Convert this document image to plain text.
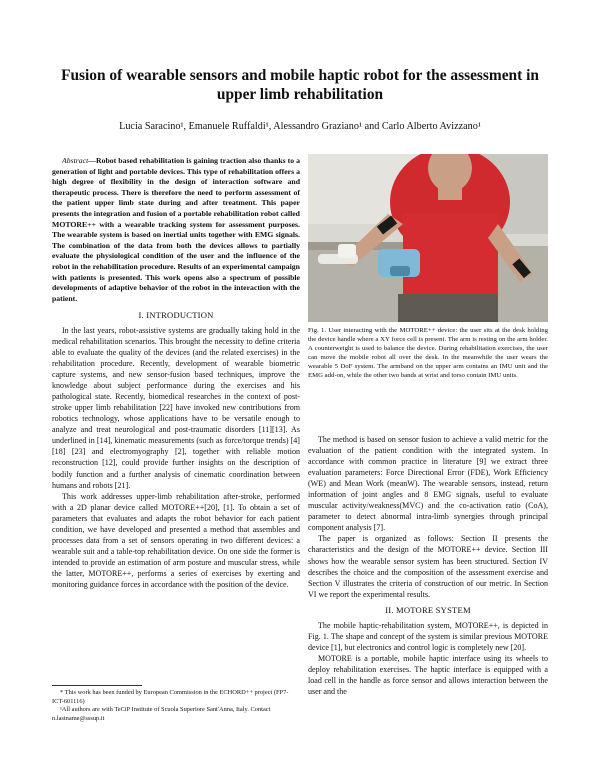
Fusion of wearable sensors and mobile haptic robot for the assessment in upper limb rehabilitation
Lucia Saracino¹, Emanuele Ruffaldi¹, Alessandro Graziano¹ and Carlo Alberto Avizzano¹

Abstract—Robot based rehabilitation is gaining traction also thanks to a generation of light and portable devices. This type of rehabilitation offers a high degree of flexibility in the design of interaction software and therapeutic process. There is therefore the need to perform assessment of the patient upper limb state during and after treatment. This paper presents the integration and fusion of a portable rehabilitation robot called MOTORE++ with a wearable tracking system for assessment purposes. The wearable system is based on inertial units together with EMG signals. The combination of the data from both the devices allows to partially evaluate the physiological condition of the user and the influence of the robot in the rehabilitation procedure. Results of an experimental campaign with patients is presented. This work opens also a spectrum of possible developments of adaptive behavior of the robot in the interaction with the patient.

I. INTRODUCTION

In the last years, robot-assistive systems are gradually taking hold in the medical rehabilitation scenarios. This brought the necessity to define criteria able to evaluate the quality of the devices (and the related exercises) in the rehabilitation procedure. Recently, development of wearable biometric capture systems, and new sensor-fusion based techniques, improve the knowledge about subject performance during the exercises and his pathological state. Recently, biomedical researches in the context of post-stroke upper limb rehabilitation [22] have invoked new contributions from robotics technology, whose applications have to be versatile enough to analyze and treat neurological and post-traumatic disorders [11][13]. As underlined in [14], kinematic measurements (such as force/torque trends) [4] [18] [23] and electromyography [2], together with reliable motion reconstruction [12], could provide further insights on the description of bodily function and a further analysis of cinematic coordination between humans and robots [21].

This work addresses upper-limb rehabilitation after-stroke, performed with a 2D planar device called MOTORE++[20], [1]. To obtain a set of parameters that evaluates and adapts the robot behavior for each patient condition, we have developed and presented a method that assembles and processes data from a set of sensors operating in two different devices: a wearable suit and a table-top rehabilitation device. On one side the former is intended to provide an estimation of arm posture and muscular stress, while the latter, MOTORE++, performs a series of exercises by exerting and monitoring guidance forces in accordance with the position of the device.

* This work has been funded by European Commission in the ECHORD++ project (FP7-ICT-601116)
¹All authors are with TeCiP Institute of Scuola Superiore Sant'Anna, Italy. Contact n.lastname@sssup.it
Fig. 1. User interacting with the MOTORE++ device: the user sits at the desk holding the device handle where a XY force cell is present. The arm is resting on the arm holder. A counterweight is used to balance the device. During rehabilitation exercises, the user can move the mobile robot all over the desk. In the meanwhile the user wears the wearable 5 DoF system. The armband on the upper arm contains an IMU unit and the EMG add-on, while the other two bands at wrist and torso contain IMU units.

The method is based on sensor fusion to achieve a valid metric for the evaluation of the patient condition with the integrated system. In accordance with common practice in literature [9] we extract three evaluation parameters: Force Directional Error (FDE), Work Efficiency (WE) and Mean Work (meanW). The wearable sensors, instead, return information of joint angles and 8 EMG signals, useful to evaluate muscular activity/weakness(MVC) and the co-activation ratio (CoA), parameter to detect abnormal intra-limb synergies through principal component analysis [7].

The paper is organized as follows: Section II presents the characteristics and the design of the MOTORE++ device. Section III shows how the wearable sensor system has been structured. Section IV describes the choice and the composition of the assessment exercise and Section V illustrates the criteria of construction of our metric. In Section VI we report the experimental results.

II. MOTORE SYSTEM

The mobile haptic-rehabilitation system, MOTORE++, is depicted in Fig. 1. The shape and concept of the system is similar previous MOTORE device [1], but electronics and control logic is completely new [20].

MOTORE is a portable, mobile haptic interface using its wheels to deploy rehabilitation exercises. The haptic interface is equipped with a load cell in the handle as force sensor and allows interaction between the user and the
